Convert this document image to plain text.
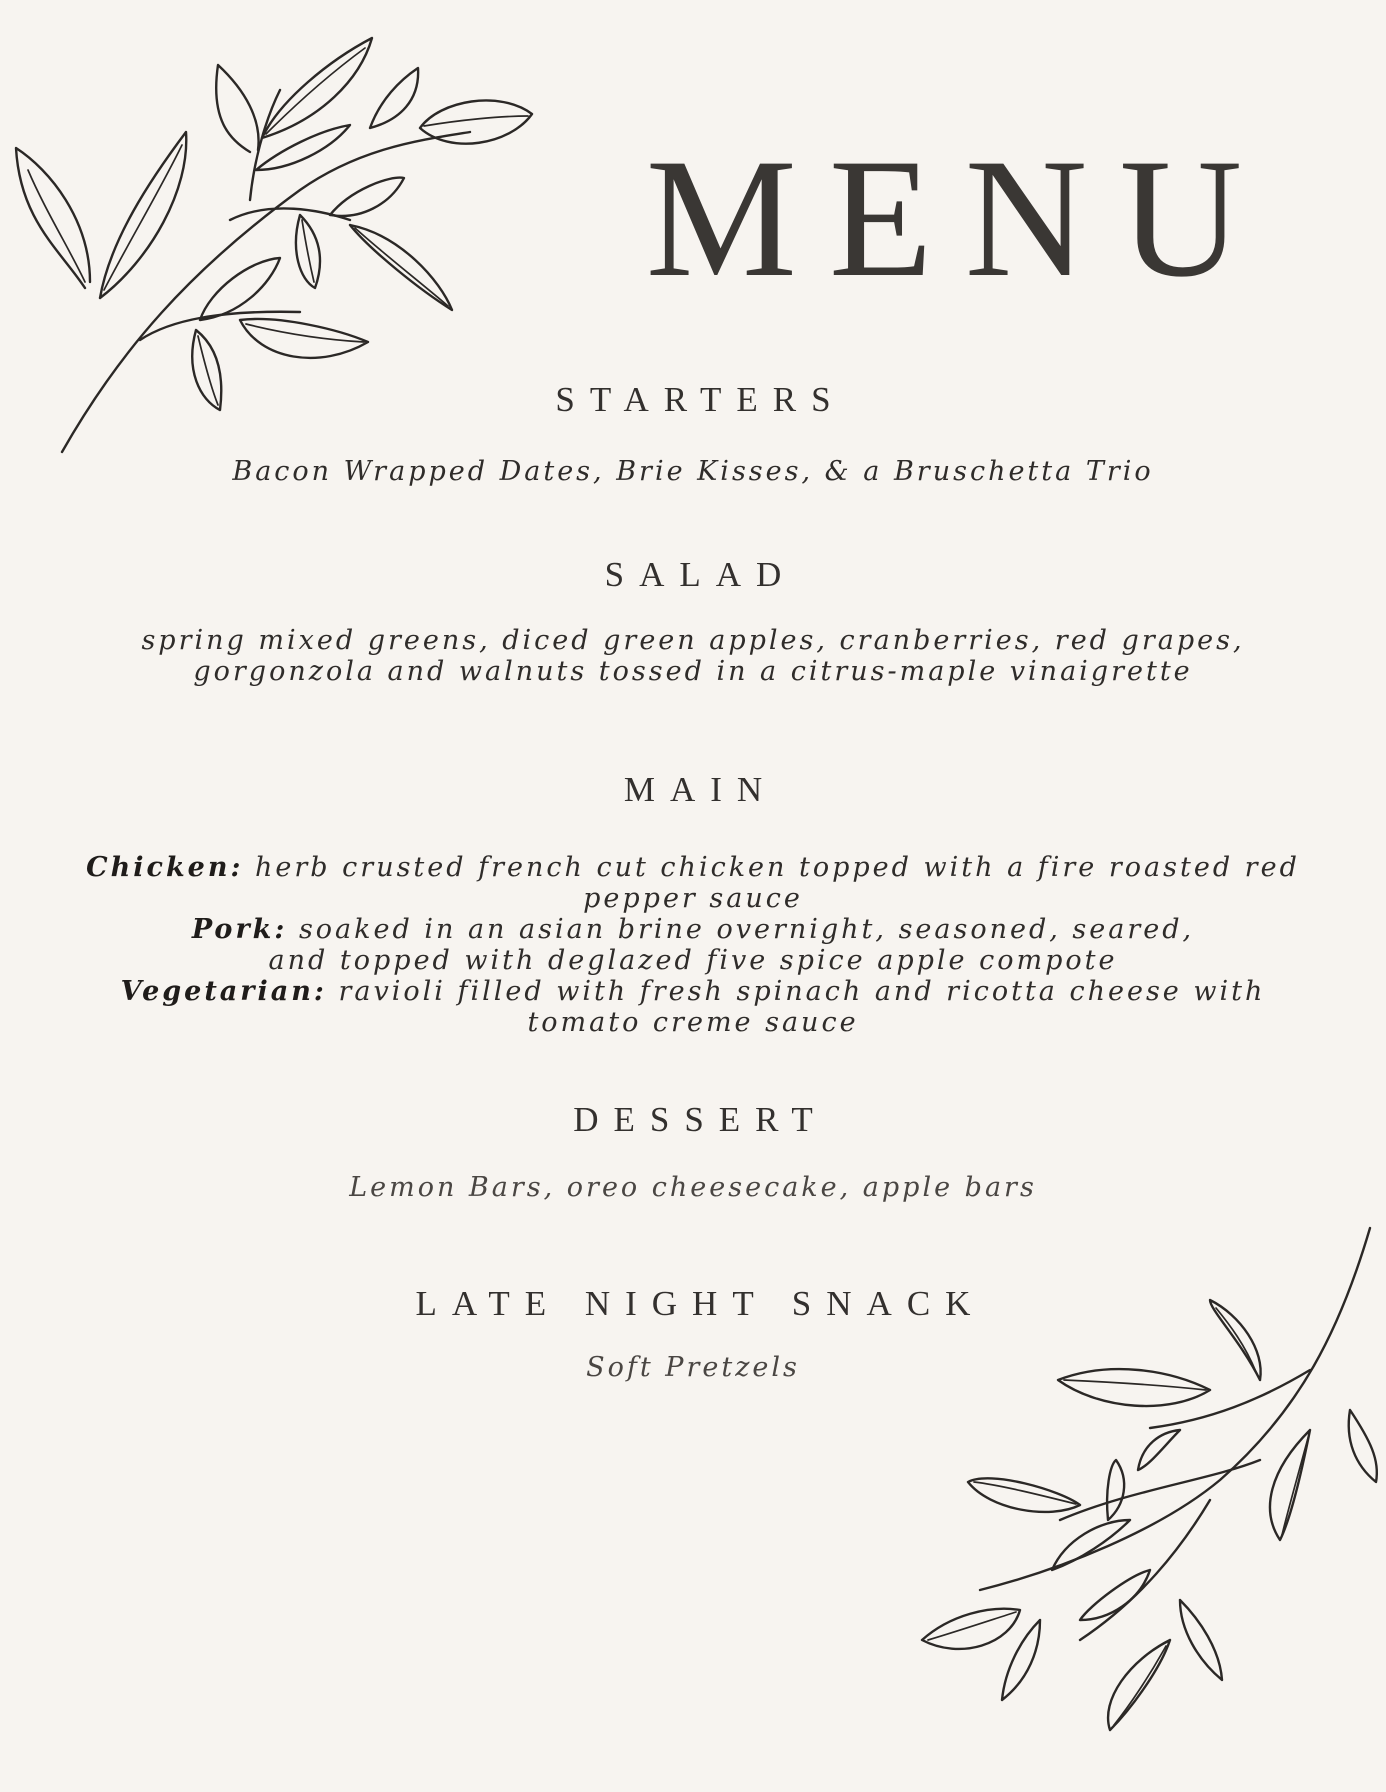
MENU
STARTERS
Bacon Wrapped Dates, Brie Kisses, & a Bruschetta Trio
SALAD
spring mixed greens, diced green apples, cranberries, red grapes,
gorgonzola and walnuts tossed in a citrus-maple vinaigrette
MAIN
Chicken: herb crusted french cut chicken topped with a fire roasted red
pepper sauce
Pork: soaked in an asian brine overnight, seasoned, seared,
and topped with deglazed five spice apple compote
Vegetarian: ravioli filled with fresh spinach and ricotta cheese with
tomato creme sauce
DESSERT
Lemon Bars, oreo cheesecake, apple bars
LATE NIGHT SNACK
Soft Pretzels
